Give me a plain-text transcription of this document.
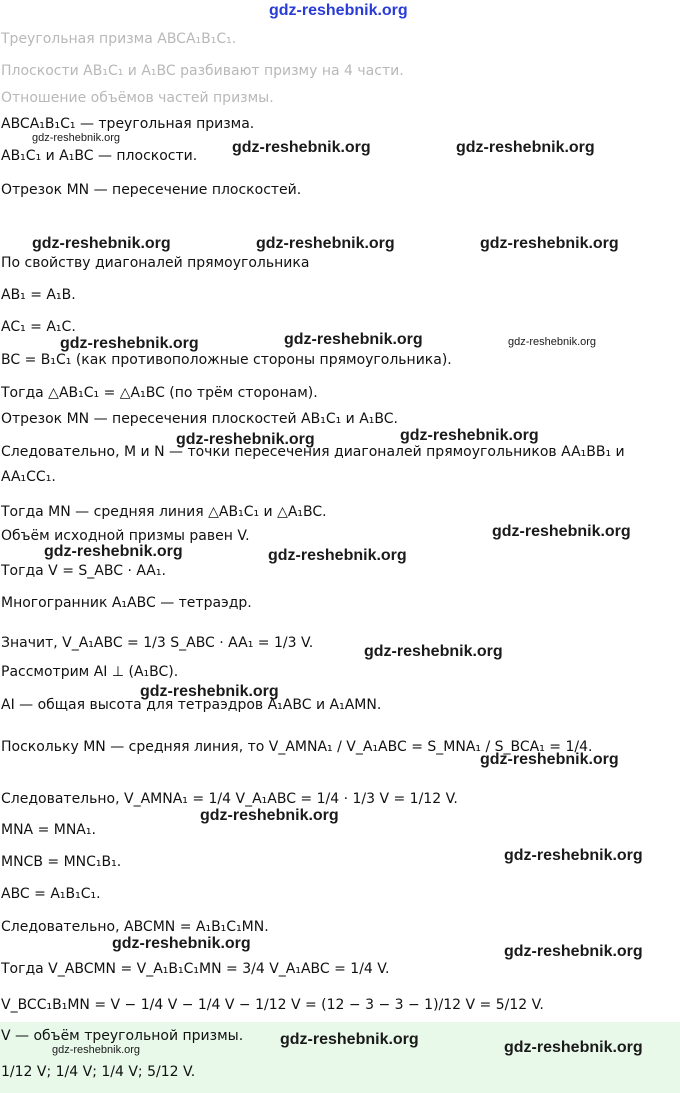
gdz-reshebnik.org
Треугольная призма ABCA₁B₁C₁.
Плоскости AB₁C₁ и A₁BC разбивают призму на 4 части.
Отношение объёмов частей призмы.
ABCA₁B₁C₁ — треугольная призма.
AB₁C₁ и A₁BC — плоскости.
Отрезок MN — пересечение плоскостей.
По свойству диагоналей прямоугольника
AB₁ = A₁B.
AC₁ = A₁C.
BC = B₁C₁ (как противоположные стороны прямоугольника).
Тогда △AB₁C₁ = △A₁BC (по трём сторонам).
Отрезок MN — пересечения плоскостей AB₁C₁ и A₁BC.
Следовательно, M и N — точки пересечения диагоналей прямоугольников AA₁BB₁ и
AA₁CC₁.
Тогда MN — средняя линия △AB₁C₁ и △A₁BC.
Объём исходной призмы равен V.
Тогда V = S_ABC · AA₁.
Многогранник A₁ABC — тетраэдр.
Значит, V_A₁ABC = 1/3 S_ABC · AA₁ = 1/3 V.
Рассмотрим AI ⊥ (A₁BC).
AI — общая высота для тетраэдров A₁ABC и A₁AMN.
Поскольку MN — средняя линия, то V_AMNA₁ / V_A₁ABC = S_MNA₁ / S_BCA₁ = 1/4.
Следовательно, V_AMNA₁ = 1/4 V_A₁ABC = 1/4 · 1/3 V = 1/12 V.
MNA = MNA₁.
MNCB = MNC₁B₁.
ABC = A₁B₁C₁.
Следовательно, ABCMN = A₁B₁C₁MN.
Тогда V_ABCMN = V_A₁B₁C₁MN = 3/4 V_A₁ABC = 1/4 V.
V_BCC₁B₁MN = V − 1/4 V − 1/4 V − 1/12 V = (12 − 3 − 3 − 1)/12 V = 5/12 V.
V — объём треугольной призмы.
1/12 V; 1/4 V; 1/4 V; 5/12 V.
gdz-reshebnik.org
gdz-reshebnik.org	gdz-reshebnik.org
gdz-reshebnik.org	gdz-reshebnik.org	gdz-reshebnik.org
gdz-reshebnik.org	gdz-reshebnik.org	gdz-reshebnik.org
gdz-reshebnik.org	gdz-reshebnik.org
gdz-reshebnik.org
gdz-reshebnik.org	gdz-reshebnik.org
gdz-reshebnik.org
gdz-reshebnik.org
gdz-reshebnik.org
gdz-reshebnik.org
gdz-reshebnik.org
gdz-reshebnik.org	gdz-reshebnik.org
gdz-reshebnik.org	gdz-reshebnik.org
gdz-reshebnik.org
